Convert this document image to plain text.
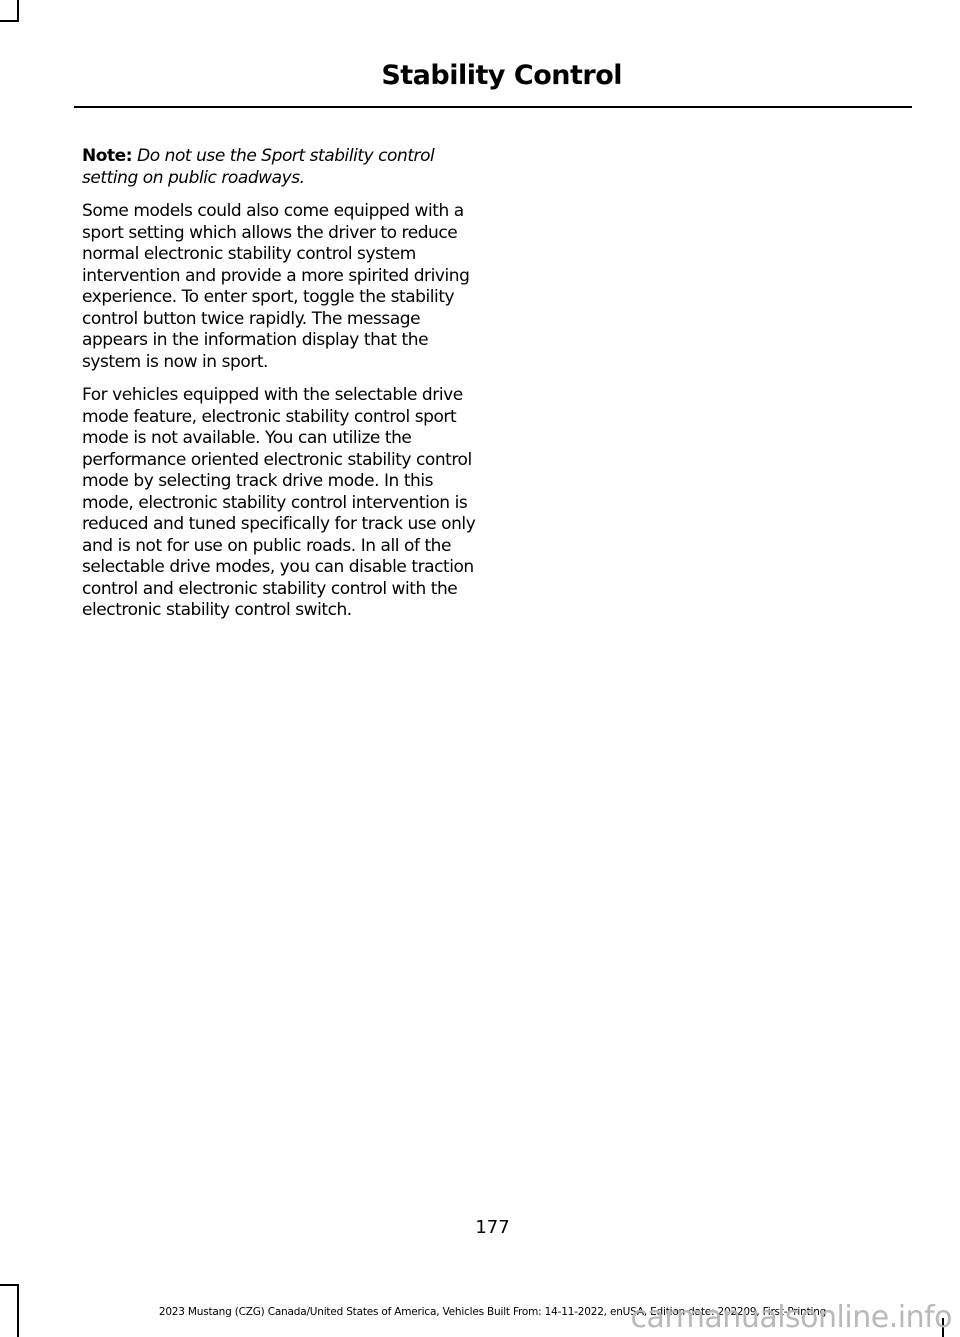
Stability Control

Note: Do not use the Sport stability control setting on public roadways.

Some models could also come equipped with a sport setting which allows the driver to reduce normal electronic stability control system intervention and provide a more spirited driving experience. To enter sport, toggle the stability control button twice rapidly. The message appears in the information display that the system is now in sport.

For vehicles equipped with the selectable drive mode feature, electronic stability control sport mode is not available. You can utilize the performance oriented electronic stability control mode by selecting track drive mode. In this mode, electronic stability control intervention is reduced and tuned specifically for track use only and is not for use on public roads. In all of the selectable drive modes, you can disable traction control and electronic stability control with the electronic stability control switch.

177
2023 Mustang (CZG) Canada/United States of America, Vehicles Built From: 14-11-2022, enUSA, Edition date: 202209, First-Printing
carmanualsonline.info
